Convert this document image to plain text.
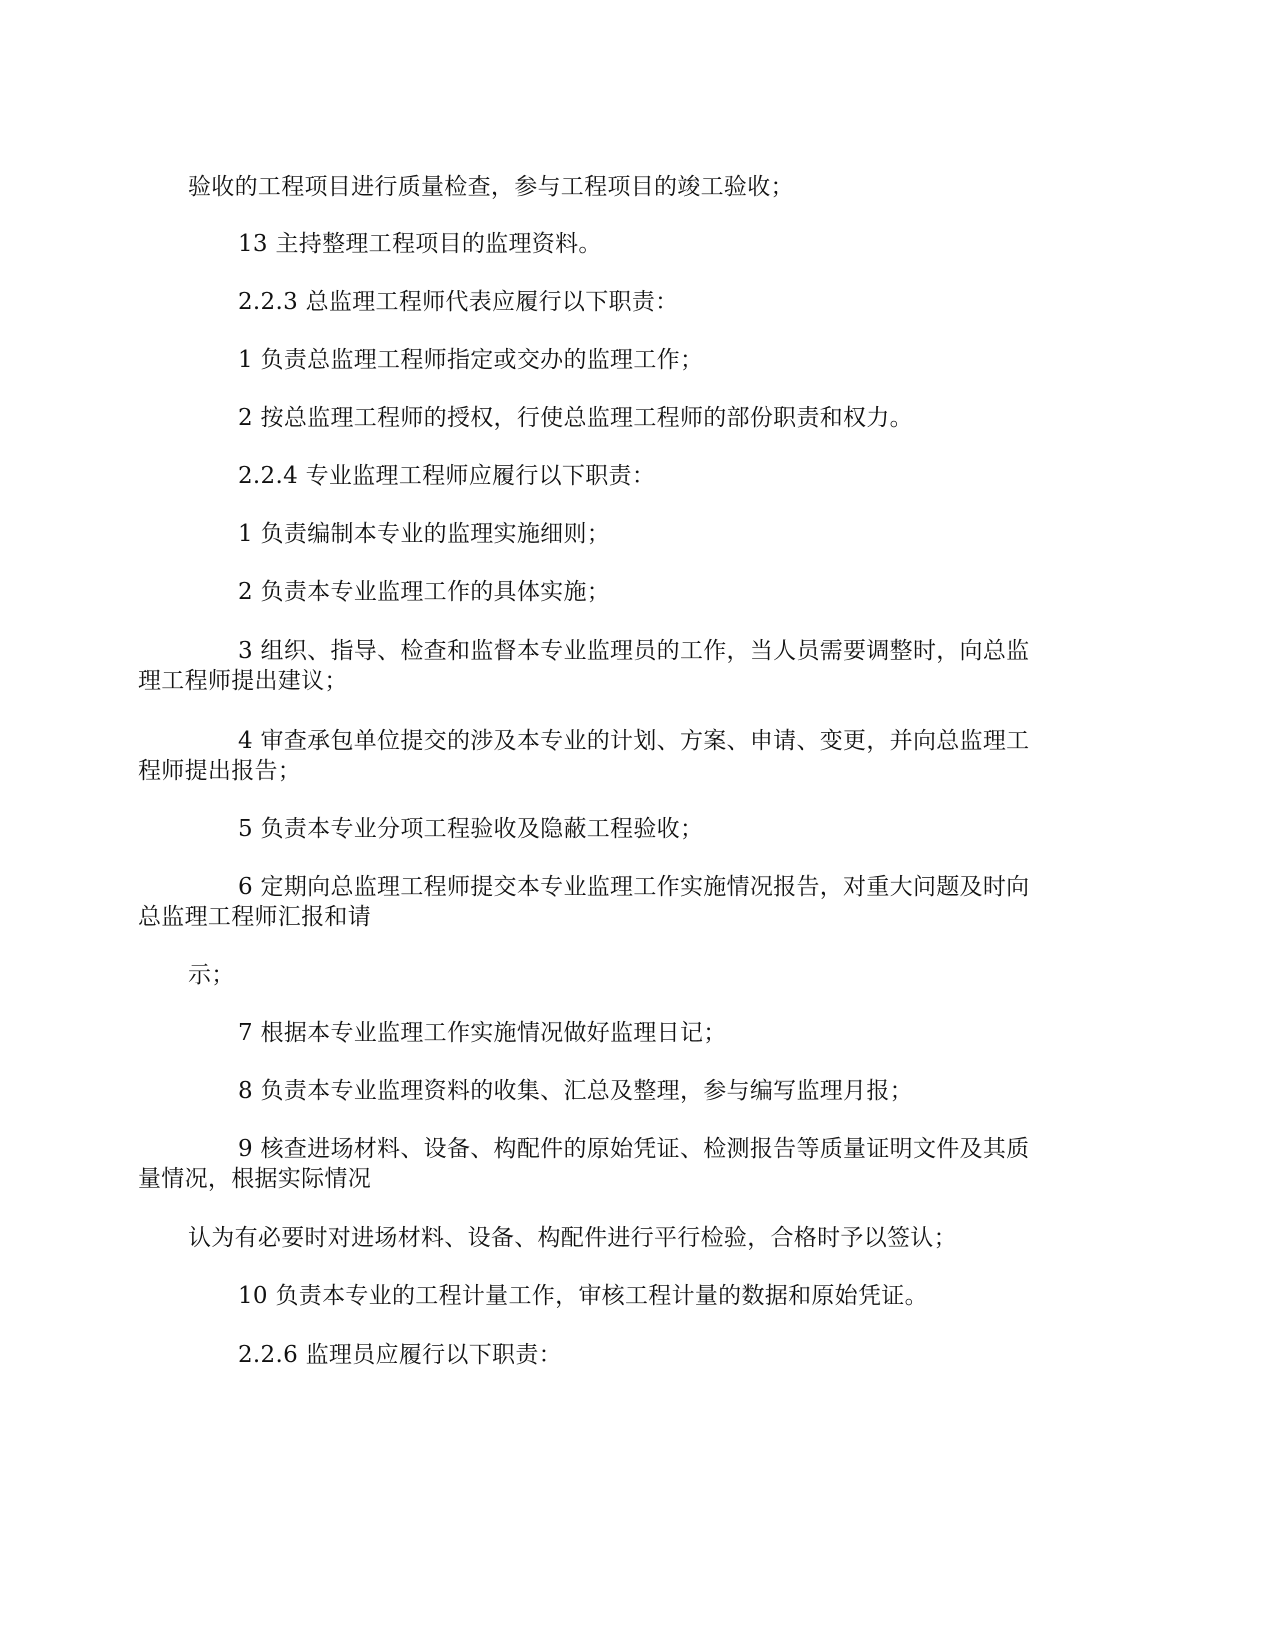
验收的工程项目进行质量检查，参与工程项目的竣工验收；

13 主持整理工程项目的监理资料。

2.2.3 总监理工程师代表应履行以下职责：

1 负责总监理工程师指定或交办的监理工作；

2 按总监理工程师的授权，行使总监理工程师的部份职责和权力。

2.2.4 专业监理工程师应履行以下职责：

1 负责编制本专业的监理实施细则；

2 负责本专业监理工作的具体实施；

3 组织、指导、检查和监督本专业监理员的工作，当人员需要调整时，向总监
理工程师提出建议；

4 审查承包单位提交的涉及本专业的计划、方案、申请、变更，并向总监理工
程师提出报告；

5 负责本专业分项工程验收及隐蔽工程验收；

6 定期向总监理工程师提交本专业监理工作实施情况报告，对重大问题及时向
总监理工程师汇报和请

示；

7 根据本专业监理工作实施情况做好监理日记；

8 负责本专业监理资料的收集、汇总及整理，参与编写监理月报；

9 核查进场材料、设备、构配件的原始凭证、检测报告等质量证明文件及其质
量情况，根据实际情况

认为有必要时对进场材料、设备、构配件进行平行检验，合格时予以签认；

10 负责本专业的工程计量工作，审核工程计量的数据和原始凭证。

2.2.6 监理员应履行以下职责：
